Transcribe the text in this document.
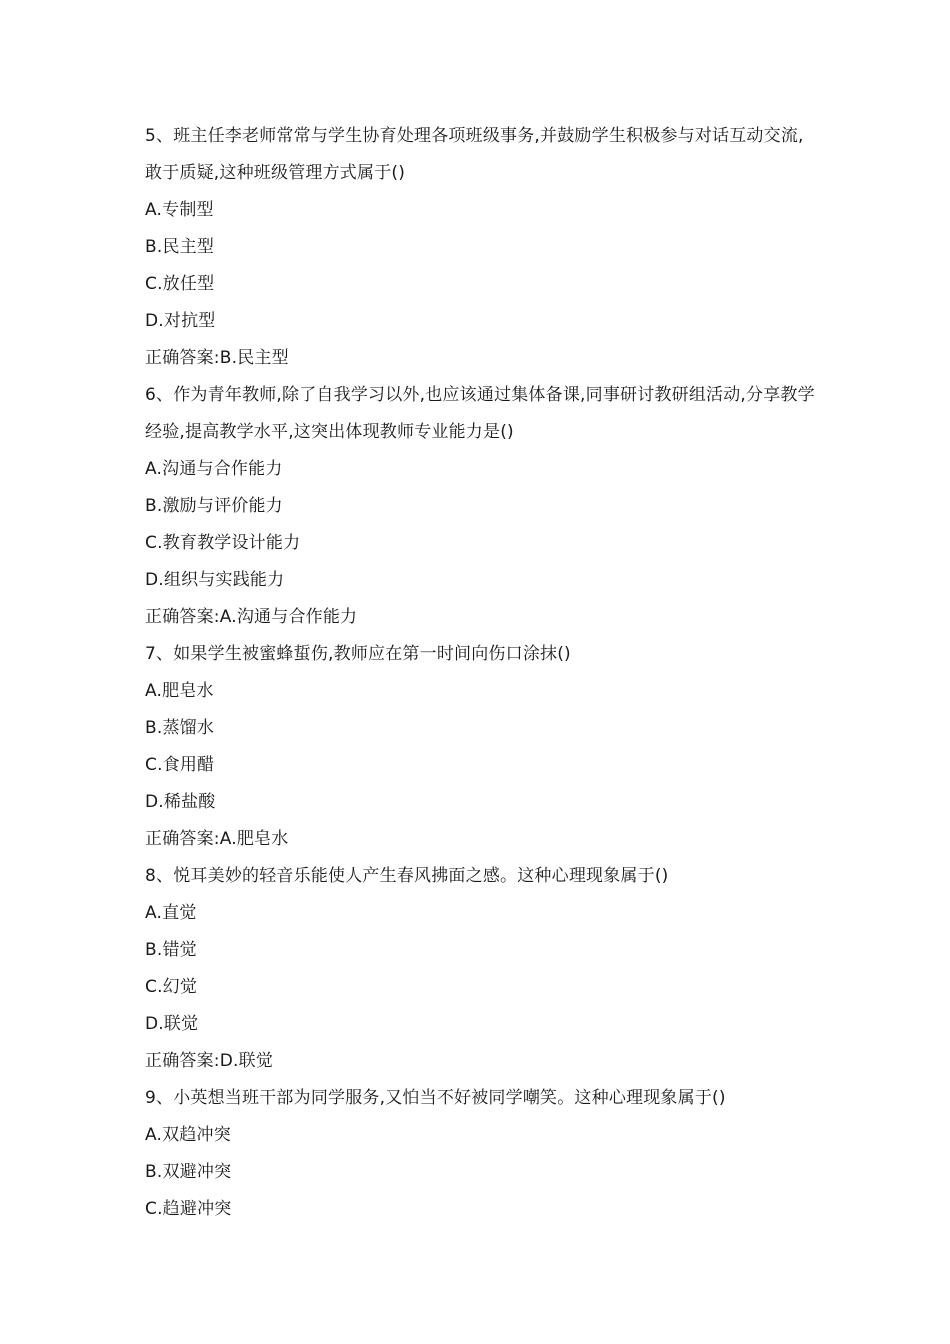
5、班主任李老师常常与学生协育处理各项班级事务,并鼓励学生积极参与对话互动交流,敢于质疑,这种班级管理方式属于()
A.专制型
B.民主型
C.放任型
D.对抗型
正确答案:B.民主型
6、作为青年教师,除了自我学习以外,也应该通过集体备课,同事研讨教研组活动,分享教学经验,提高教学水平,这突出体现教师专业能力是()
A.沟通与合作能力
B.激励与评价能力
C.教育教学设计能力
D.组织与实践能力
正确答案:A.沟通与合作能力
7、如果学生被蜜蜂蜇伤,教师应在第一时间向伤口涂抹()
A.肥皂水
B.蒸馏水
C.食用醋
D.稀盐酸
正确答案:A.肥皂水
8、悦耳美妙的轻音乐能使人产生春风拂面之感。这种心理现象属于()
A.直觉
B.错觉
C.幻觉
D.联觉
正确答案:D.联觉
9、小英想当班干部为同学服务,又怕当不好被同学嘲笑。这种心理现象属于()
A.双趋冲突
B.双避冲突
C.趋避冲突
